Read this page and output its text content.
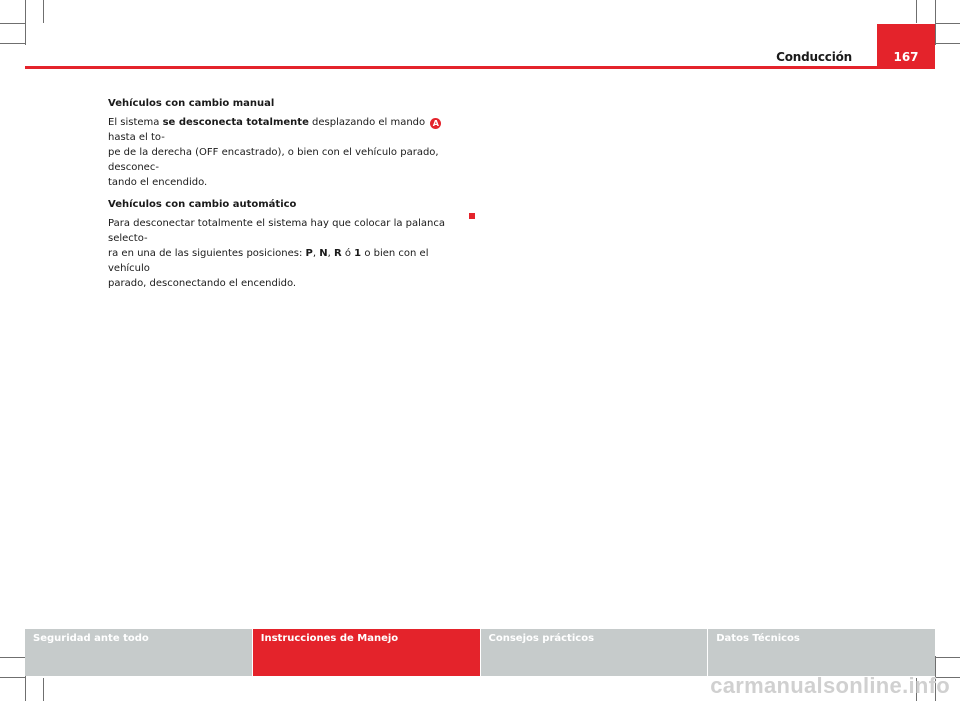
Conducción	167

Vehículos con cambio manual

El sistema se desconecta totalmente desplazando el mando A hasta el to-
pe de la derecha (OFF encastrado), o bien con el vehículo parado, desconec-
tando el encendido.

Vehículos con cambio automático

Para desconectar totalmente el sistema hay que colocar la palanca selecto-
ra en una de las siguientes posiciones: P, N, R ó 1 o bien con el vehículo
parado, desconectando el encendido.

Seguridad ante todo	Instrucciones de Manejo	Consejos prácticos	Datos Técnicos
carmanualsonline.info
